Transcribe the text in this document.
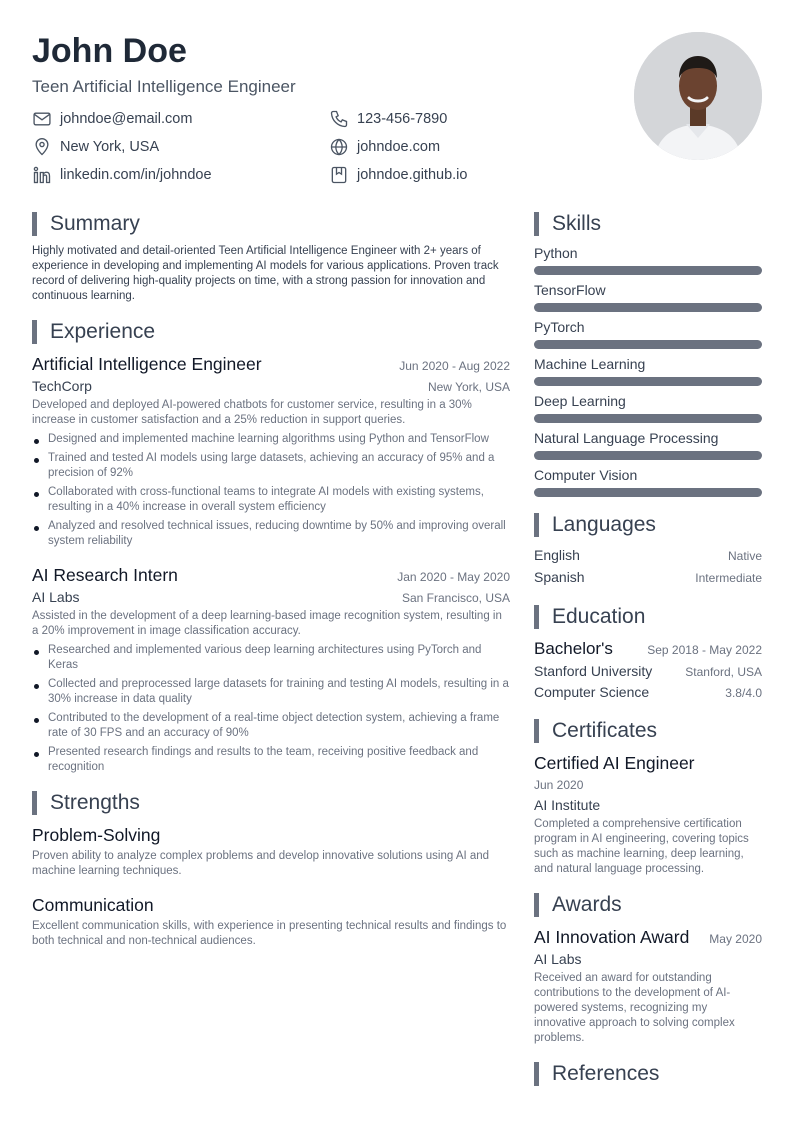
John Doe
Teen Artificial Intelligence Engineer
johndoe@email.com	123-456-7890
New York, USA	johndoe.com
linkedin.com/in/johndoe	johndoe.github.io
Summary
Highly motivated and detail-oriented Teen Artificial Intelligence Engineer with 2+ years of experience in developing and implementing AI models for various applications. Proven track record of delivering high-quality projects on time, with a strong passion for innovation and continuous learning.
Experience
Artificial Intelligence Engineer	Jun 2020 - Aug 2022
TechCorp	New York, USA
Developed and deployed AI-powered chatbots for customer service, resulting in a 30% increase in customer satisfaction and a 25% reduction in support queries.
Designed and implemented machine learning algorithms using Python and TensorFlow
Trained and tested AI models using large datasets, achieving an accuracy of 95% and a precision of 92%
Collaborated with cross-functional teams to integrate AI models with existing systems, resulting in a 40% increase in overall system efficiency
Analyzed and resolved technical issues, reducing downtime by 50% and improving overall system reliability
AI Research Intern	Jan 2020 - May 2020
AI Labs	San Francisco, USA
Assisted in the development of a deep learning-based image recognition system, resulting in a 20% improvement in image classification accuracy.
Researched and implemented various deep learning architectures using PyTorch and Keras
Collected and preprocessed large datasets for training and testing AI models, resulting in a 30% increase in data quality
Contributed to the development of a real-time object detection system, achieving a frame rate of 30 FPS and an accuracy of 90%
Presented research findings and results to the team, receiving positive feedback and recognition
Strengths
Problem-Solving
Proven ability to analyze complex problems and develop innovative solutions using AI and machine learning techniques.
Communication
Excellent communication skills, with experience in presenting technical results and findings to both technical and non-technical audiences.
Skills
Python
TensorFlow
PyTorch
Machine Learning
Deep Learning
Natural Language Processing
Computer Vision
Languages
English	Native
Spanish	Intermediate
Education
Bachelor's	Sep 2018 - May 2022
Stanford University	Stanford, USA
Computer Science	3.8/4.0
Certificates
Certified AI Engineer
Jun 2020
AI Institute
Completed a comprehensive certification program in AI engineering, covering topics such as machine learning, deep learning, and natural language processing.
Awards
AI Innovation Award May 2020
AI Labs
Received an award for outstanding contributions to the development of AI-powered systems, recognizing my innovative approach to solving complex problems.
References
